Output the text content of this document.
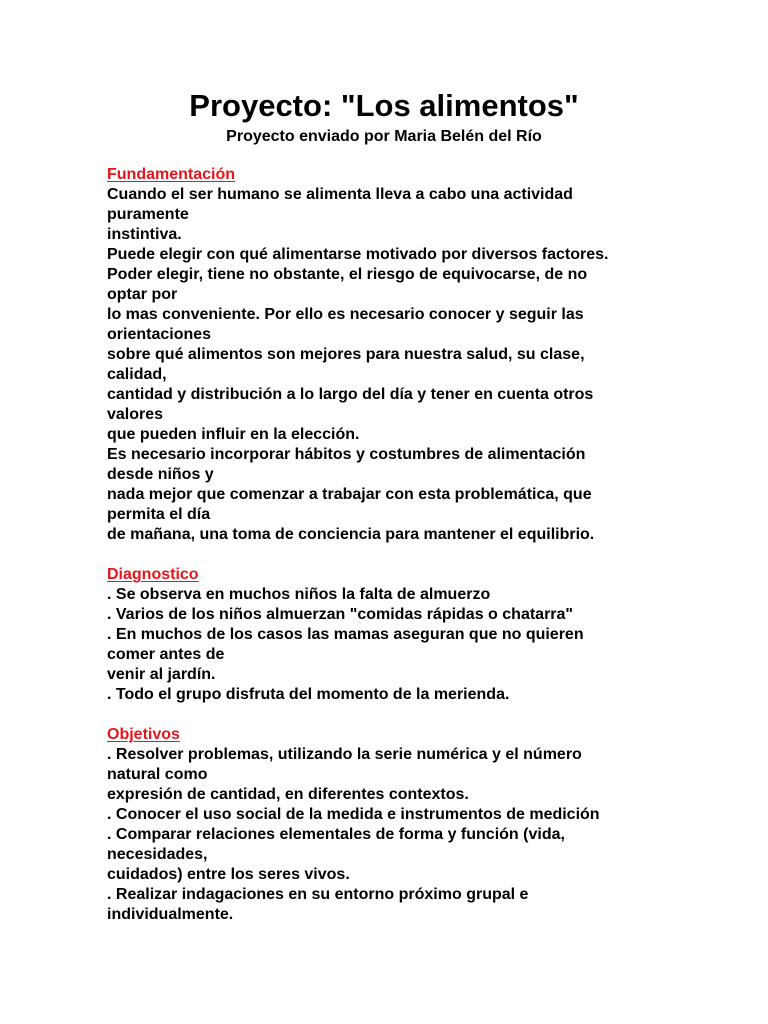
Proyecto: "Los alimentos"
Proyecto enviado por Maria Belén del Río
Fundamentación
Cuando el ser humano se alimenta lleva a cabo una actividad
puramente
instintiva.
Puede elegir con qué alimentarse motivado por diversos factores.
Poder elegir, tiene no obstante, el riesgo de equivocarse, de no
optar por
lo mas conveniente. Por ello es necesario conocer y seguir las
orientaciones
sobre qué alimentos son mejores para nuestra salud, su clase,
calidad,
cantidad y distribución a lo largo del día y tener en cuenta otros
valores
que pueden influir en la elección.
Es necesario incorporar hábitos y costumbres de alimentación
desde niños y
nada mejor que comenzar a trabajar con esta problemática, que
permita el día
de mañana, una toma de conciencia para mantener el equilibrio.
Diagnostico
. Se observa en muchos niños la falta de almuerzo
. Varios de los niños almuerzan "comidas rápidas o chatarra"
. En muchos de los casos las mamas aseguran que no quieren
comer antes de
venir al jardín.
. Todo el grupo disfruta del momento de la merienda.
Objetivos
. Resolver problemas, utilizando la serie numérica y el número
natural como
expresión de cantidad, en diferentes contextos.
. Conocer el uso social de la medida e instrumentos de medición
. Comparar relaciones elementales de forma y función (vida,
necesidades,
cuidados) entre los seres vivos.
. Realizar indagaciones en su entorno próximo grupal e
individualmente.
